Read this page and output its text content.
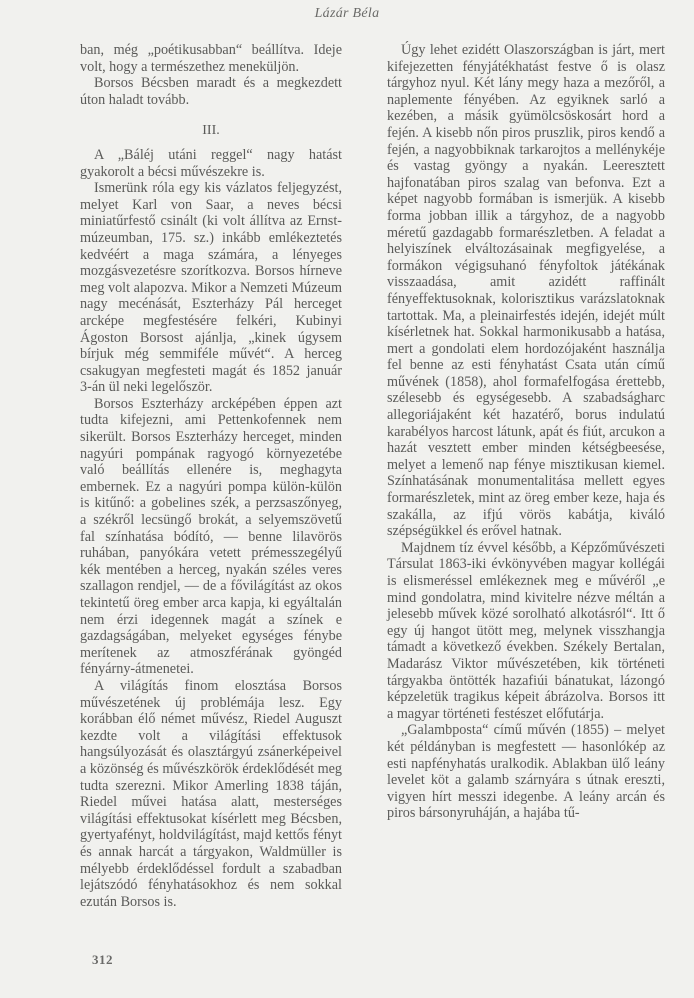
Lázár Béla

ban, még „poétikusabban“ beállítva. Ideje volt, hogy a természethez meneküljön.

Borsos Bécsben maradt és a megkezdett úton haladt tovább.

III.

A „Báléj utáni reggel“ nagy hatást gyakorolt a bécsi művészekre is.

Ismerünk róla egy kis vázlatos feljegyzést, melyet Karl von Saar, a neves bécsi miniatűrfestő csinált (ki volt állítva az Ernst-múzeumban, 175. sz.) inkább emlékeztetés kedvéért a maga számára, a lényeges mozgásvezetésre szorítkozva. Borsos hírneve meg volt alapozva. Mikor a Nemzeti Múzeum nagy mecénását, Eszterházy Pál herceget arcképe megfestésére felkéri, Kubinyi Ágoston Borsost ajánlja, „kinek úgysem bírjuk még semmiféle művét“. A herceg csakugyan megfesteti magát és 1852 január 3-án ül neki legelőször.

Borsos Eszterházy arcképében éppen azt tudta kifejezni, ami Pettenkofennek nem sikerült. Borsos Eszterházy herceget, minden nagyúri pompának ragyogó környezetébe való beállítás ellenére is, meghagyta embernek. Ez a nagyúri pompa külön-külön is kitűnő: a gobelines szék, a perzsaszőnyeg, a székről lecsüngő brokát, a selyemszövetű fal színhatása bódító, — benne lilavörös ruhában, panyókára vetett prémesszegélyű kék mentében a herceg, nyakán széles veres szallagon rendjel, — de a fővilágítást az okos tekintetű öreg ember arca kapja, ki egyáltalán nem érzi idegennek magát a színek e gazdagságában, melyeket egységes fénybe merítenek az atmoszférának gyöngéd fényárny-átmenetei.

A világítás finom elosztása Borsos művészetének új problémája lesz. Egy korábban élő német művész, Riedel Auguszt kezdte volt a világítási effektusok hangsúlyozását és olasztárgyú zsánerképeivel a közönség és művészkörök érdeklődését meg tudta szerezni. Mikor Amerling 1838 táján, Riedel művei hatása alatt, mesterséges világítási effektusokat kísérlett meg Bécsben, gyertyafényt, holdvilágítást, majd kettős fényt és annak harcát a tárgyakon, Waldmüller is mélyebb érdeklődéssel fordult a szabadban lejátszódó fényhatásokhoz és nem sokkal ezután Borsos is.

Úgy lehet ezidétt Olaszországban is járt, mert kifejezetten fényjátékhatást festve ő is olasz tárgyhoz nyul. Két lány megy haza a mezőről, a naplemente fényében. Az egyiknek sarló a kezében, a másik gyümölcsöskosárt hord a fején. A kisebb nőn piros pruszlik, piros kendő a fején, a nagyobbiknak tarkarojtos a mellénykéje és vastag gyöngy a nyakán. Leeresztett hajfonatában piros szalag van befonva. Ezt a képet nagyobb formában is ismerjük. A kisebb forma jobban illik a tárgyhoz, de a nagyobb méretű gazdagabb formarészletben. A feladat a helyiszínek elváltozásainak megfigyelése, a formákon végigsuhanó fényfoltok játékának visszaadása, amit azidétt raffinált fényeffektusoknak, kolorisztikus varázslatoknak tartottak. Ma, a pleinairfestés idején, idejét múlt kísérletnek hat. Sokkal harmonikusabb a hatása, mert a gondolati elem hordozójaként használja fel benne az esti fényhatást Csata után című művének (1858), ahol formafelfogása érettebb, szélesebb és egységesebb. A szabadságharc allegoriájaként két hazatérő, borus indulatú karabélyos harcost látunk, apát és fiút, arcukon a hazát vesztett ember minden kétségbeesése, melyet a lemenő nap fénye misztikusan kiemel. Színhatásának monumentalitása mellett egyes formarészletek, mint az öreg ember keze, haja és szakálla, az ifjú vörös kabátja, kiváló szépségükkel és erővel hatnak.

Majdnem tíz évvel később, a Képzőművészeti Társulat 1863-iki évkönyvében magyar kollégái is elismeréssel emlékeznek meg e művéről „e mind gondolatra, mind kivitelre nézve méltán a jelesebb művek közé sorolható alkotásról“. Itt ő egy új hangot ütött meg, melynek visszhangja támadt a következő években. Székely Bertalan, Madarász Viktor művészetében, kik történeti tárgyakba öntötték hazafiúi bánatukat, lázongó képzeletük tragikus képeit ábrázolva. Borsos itt a magyar történeti festészet előfutárja.

„Galambposta“ című művén (1855) – melyet két példányban is megfestett — hasonlókép az esti napfényhatás uralkodik. Ablakban ülő leány levelet köt a galamb szárnyára s útnak ereszti, vigyen hírt messzi idegenbe. A leány arcán és piros bársonyruháján, a hajába tű-

312
